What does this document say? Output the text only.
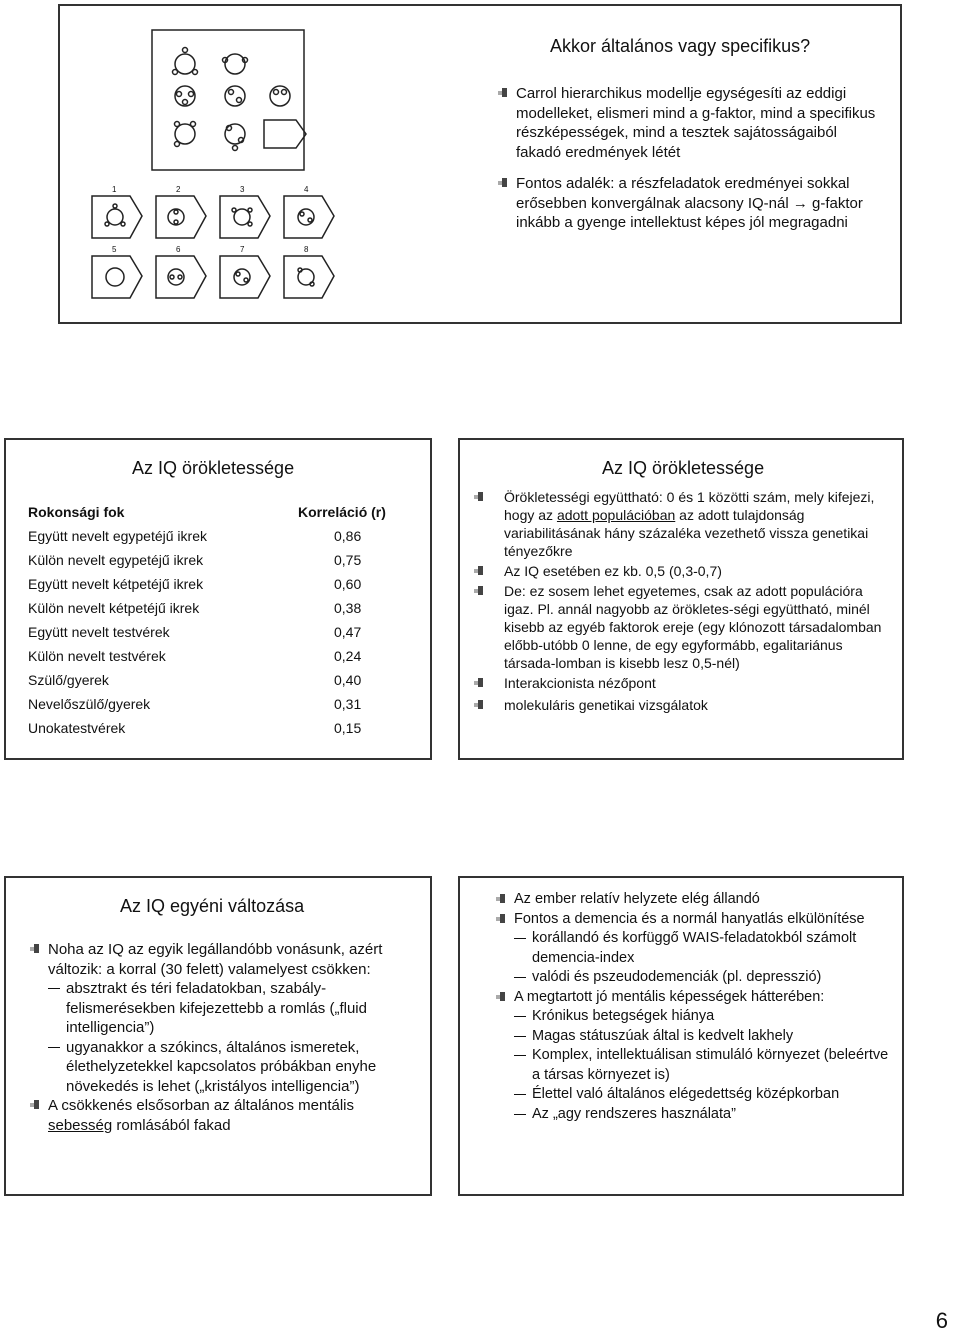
1	2	3	4
5	6	7	8
Akkor általános vagy specifikus?
Carrol hierarchikus modellje egységesíti az eddigi modelleket, elismeri mind a g-faktor, mind a specifikus részképességek, mind a tesztek sajátosságaiból fakadó eredmények létét
Fontos adalék: a részfeladatok eredményei sokkal erősebben konvergálnak alacsony IQ-nál → g-faktor inkább a gyenge intellektust képes jól megragadni
Az IQ örökletessége
Rokonsági fok	Korreláció (r)
Együtt nevelt egypetéjű ikrek	0,86
Külön nevelt egypetéjű ikrek	0,75
Együtt nevelt kétpetéjű ikrek	0,60
Külön nevelt kétpetéjű ikrek	0,38
Együtt nevelt testvérek	0,47
Külön nevelt testvérek	0,24
Szülő/gyerek	0,40
Nevelőszülő/gyerek	0,31
Unokatestvérek	0,15
Az IQ örökletessége
Örökletességi együttható: 0 és 1 közötti szám, mely kifejezi, hogy az adott populációban az adott tulajdonság variabilitásának hány százaléka vezethető vissza genetikai tényezőkre
Az IQ esetében ez kb. 0,5 (0,3-0,7)
De: ez sosem lehet egyetemes, csak az adott populációra igaz. Pl. annál nagyobb az örökletes-ségi együttható, minél kisebb az egyéb faktorok ereje (egy klónozott társadalomban előbb-utóbb 0 lenne, de egy egyformább, egalitariánus társada-lomban is kisebb lesz 0,5-nél)
Interakcionista nézőpont
molekuláris genetikai vizsgálatok
Az IQ egyéni változása
Noha az IQ az egyik legállandóbb vonásunk, azért változik: a korral (30 felett) valamelyest csökken:
absztrakt és téri feladatokban, szabály-felismerésekben kifejezettebb a romlás („fluid intelligencia”)
ugyanakkor a szókincs, általános ismeretek, élethelyzetekkel kapcsolatos próbákban enyhe növekedés is lehet („kristályos intelligencia”)
A csökkenés elsősorban az általános mentális sebesség romlásából fakad
Az ember relatív helyzete elég állandó
Fontos a demencia és a normál hanyatlás elkülönítése
korállandó és korfüggő WAIS-feladatokból számolt demencia-index
valódi és pszeudodemenciák (pl. depresszió)
A megtartott jó mentális képességek hátterében:
Krónikus betegségek hiánya
Magas státuszúak által is kedvelt lakhely
Komplex, intellektuálisan stimuláló környezet (beleértve a társas környezet is)
Élettel való általános elégedettség középkorban
Az „agy rendszeres használata”
6
